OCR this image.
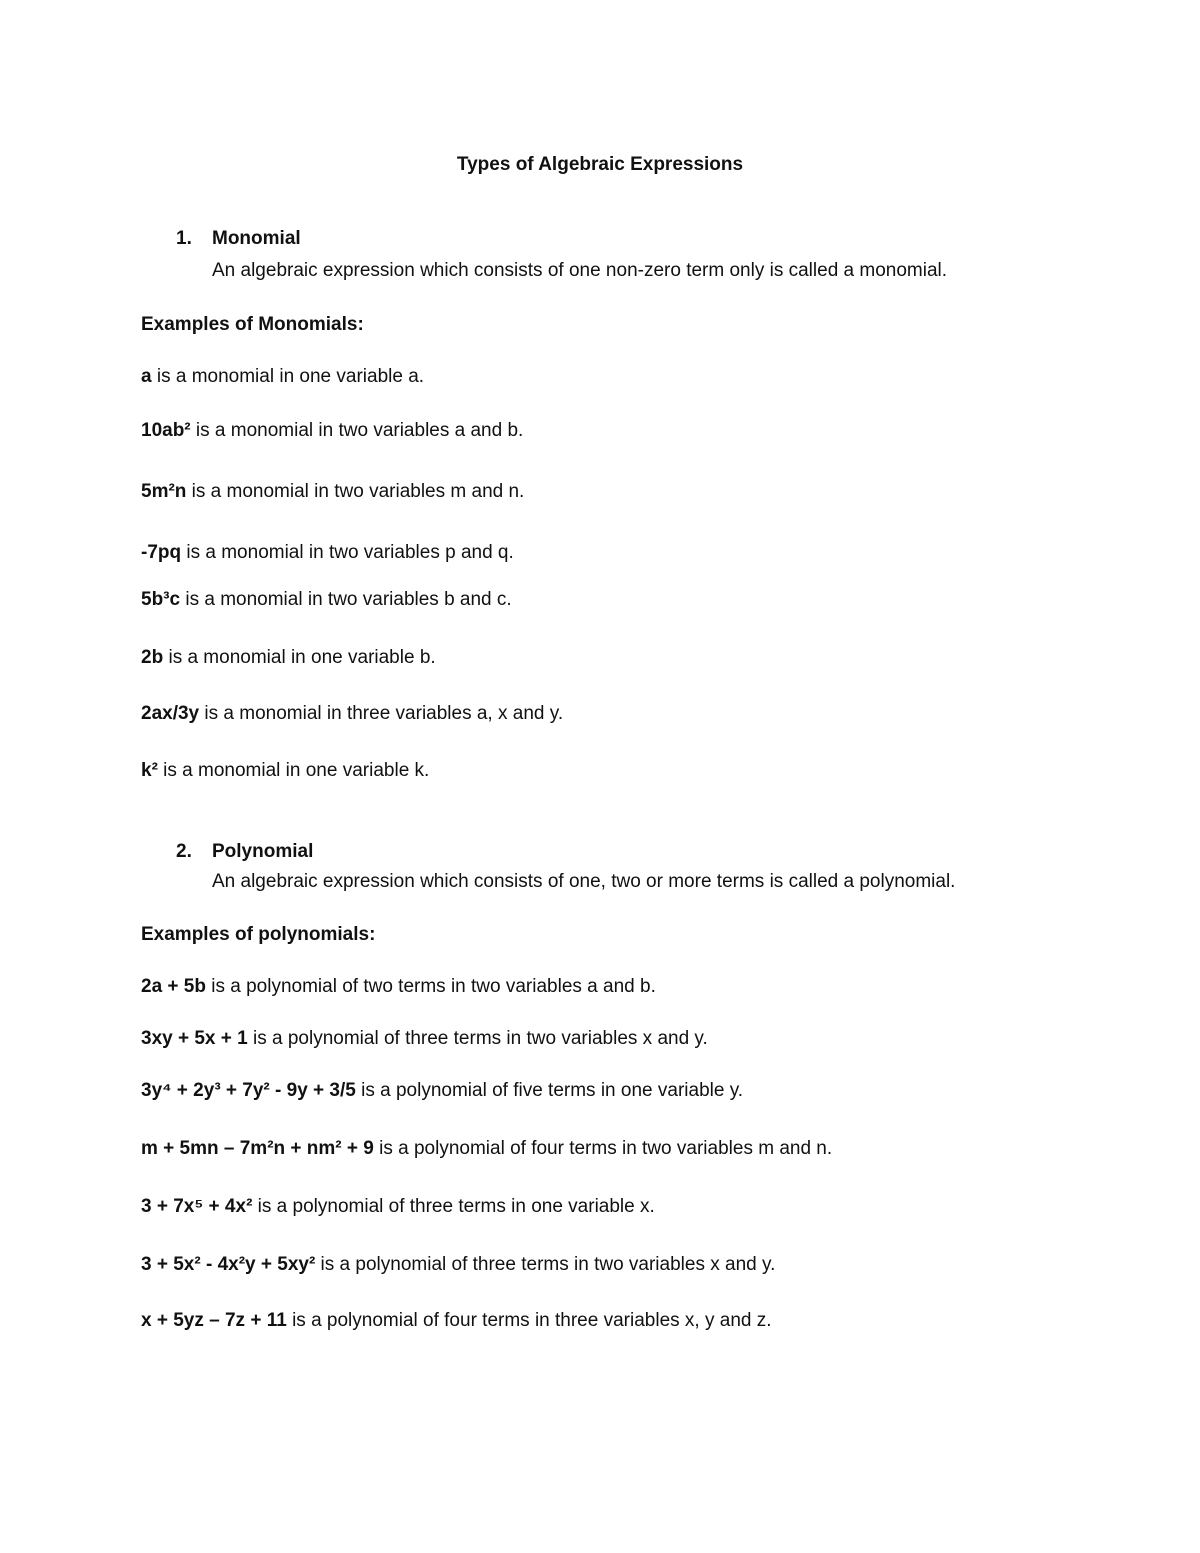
Types of Algebraic Expressions
1. Monomial
An algebraic expression which consists of one non-zero term only is called a monomial.
Examples of Monomials:
a is a monomial in one variable a.
10ab² is a monomial in two variables a and b.
5m²n is a monomial in two variables m and n.
-7pq is a monomial in two variables p and q.
5b³c is a monomial in two variables b and c.
2b is a monomial in one variable b.
2ax/3y is a monomial in three variables a, x and y.
k² is a monomial in one variable k.
2. Polynomial
An algebraic expression which consists of one, two or more terms is called a polynomial.
Examples of polynomials:
2a + 5b is a polynomial of two terms in two variables a and b.
3xy + 5x + 1 is a polynomial of three terms in two variables x and y.
3y⁴ + 2y³ + 7y² - 9y + 3/5 is a polynomial of five terms in one variable y.
m + 5mn – 7m²n + nm² + 9 is a polynomial of four terms in two variables m and n.
3 + 7x⁵ + 4x² is a polynomial of three terms in one variable x.
3 + 5x² - 4x²y + 5xy² is a polynomial of three terms in two variables x and y.
x + 5yz – 7z + 11 is a polynomial of four terms in three variables x, y and z.
